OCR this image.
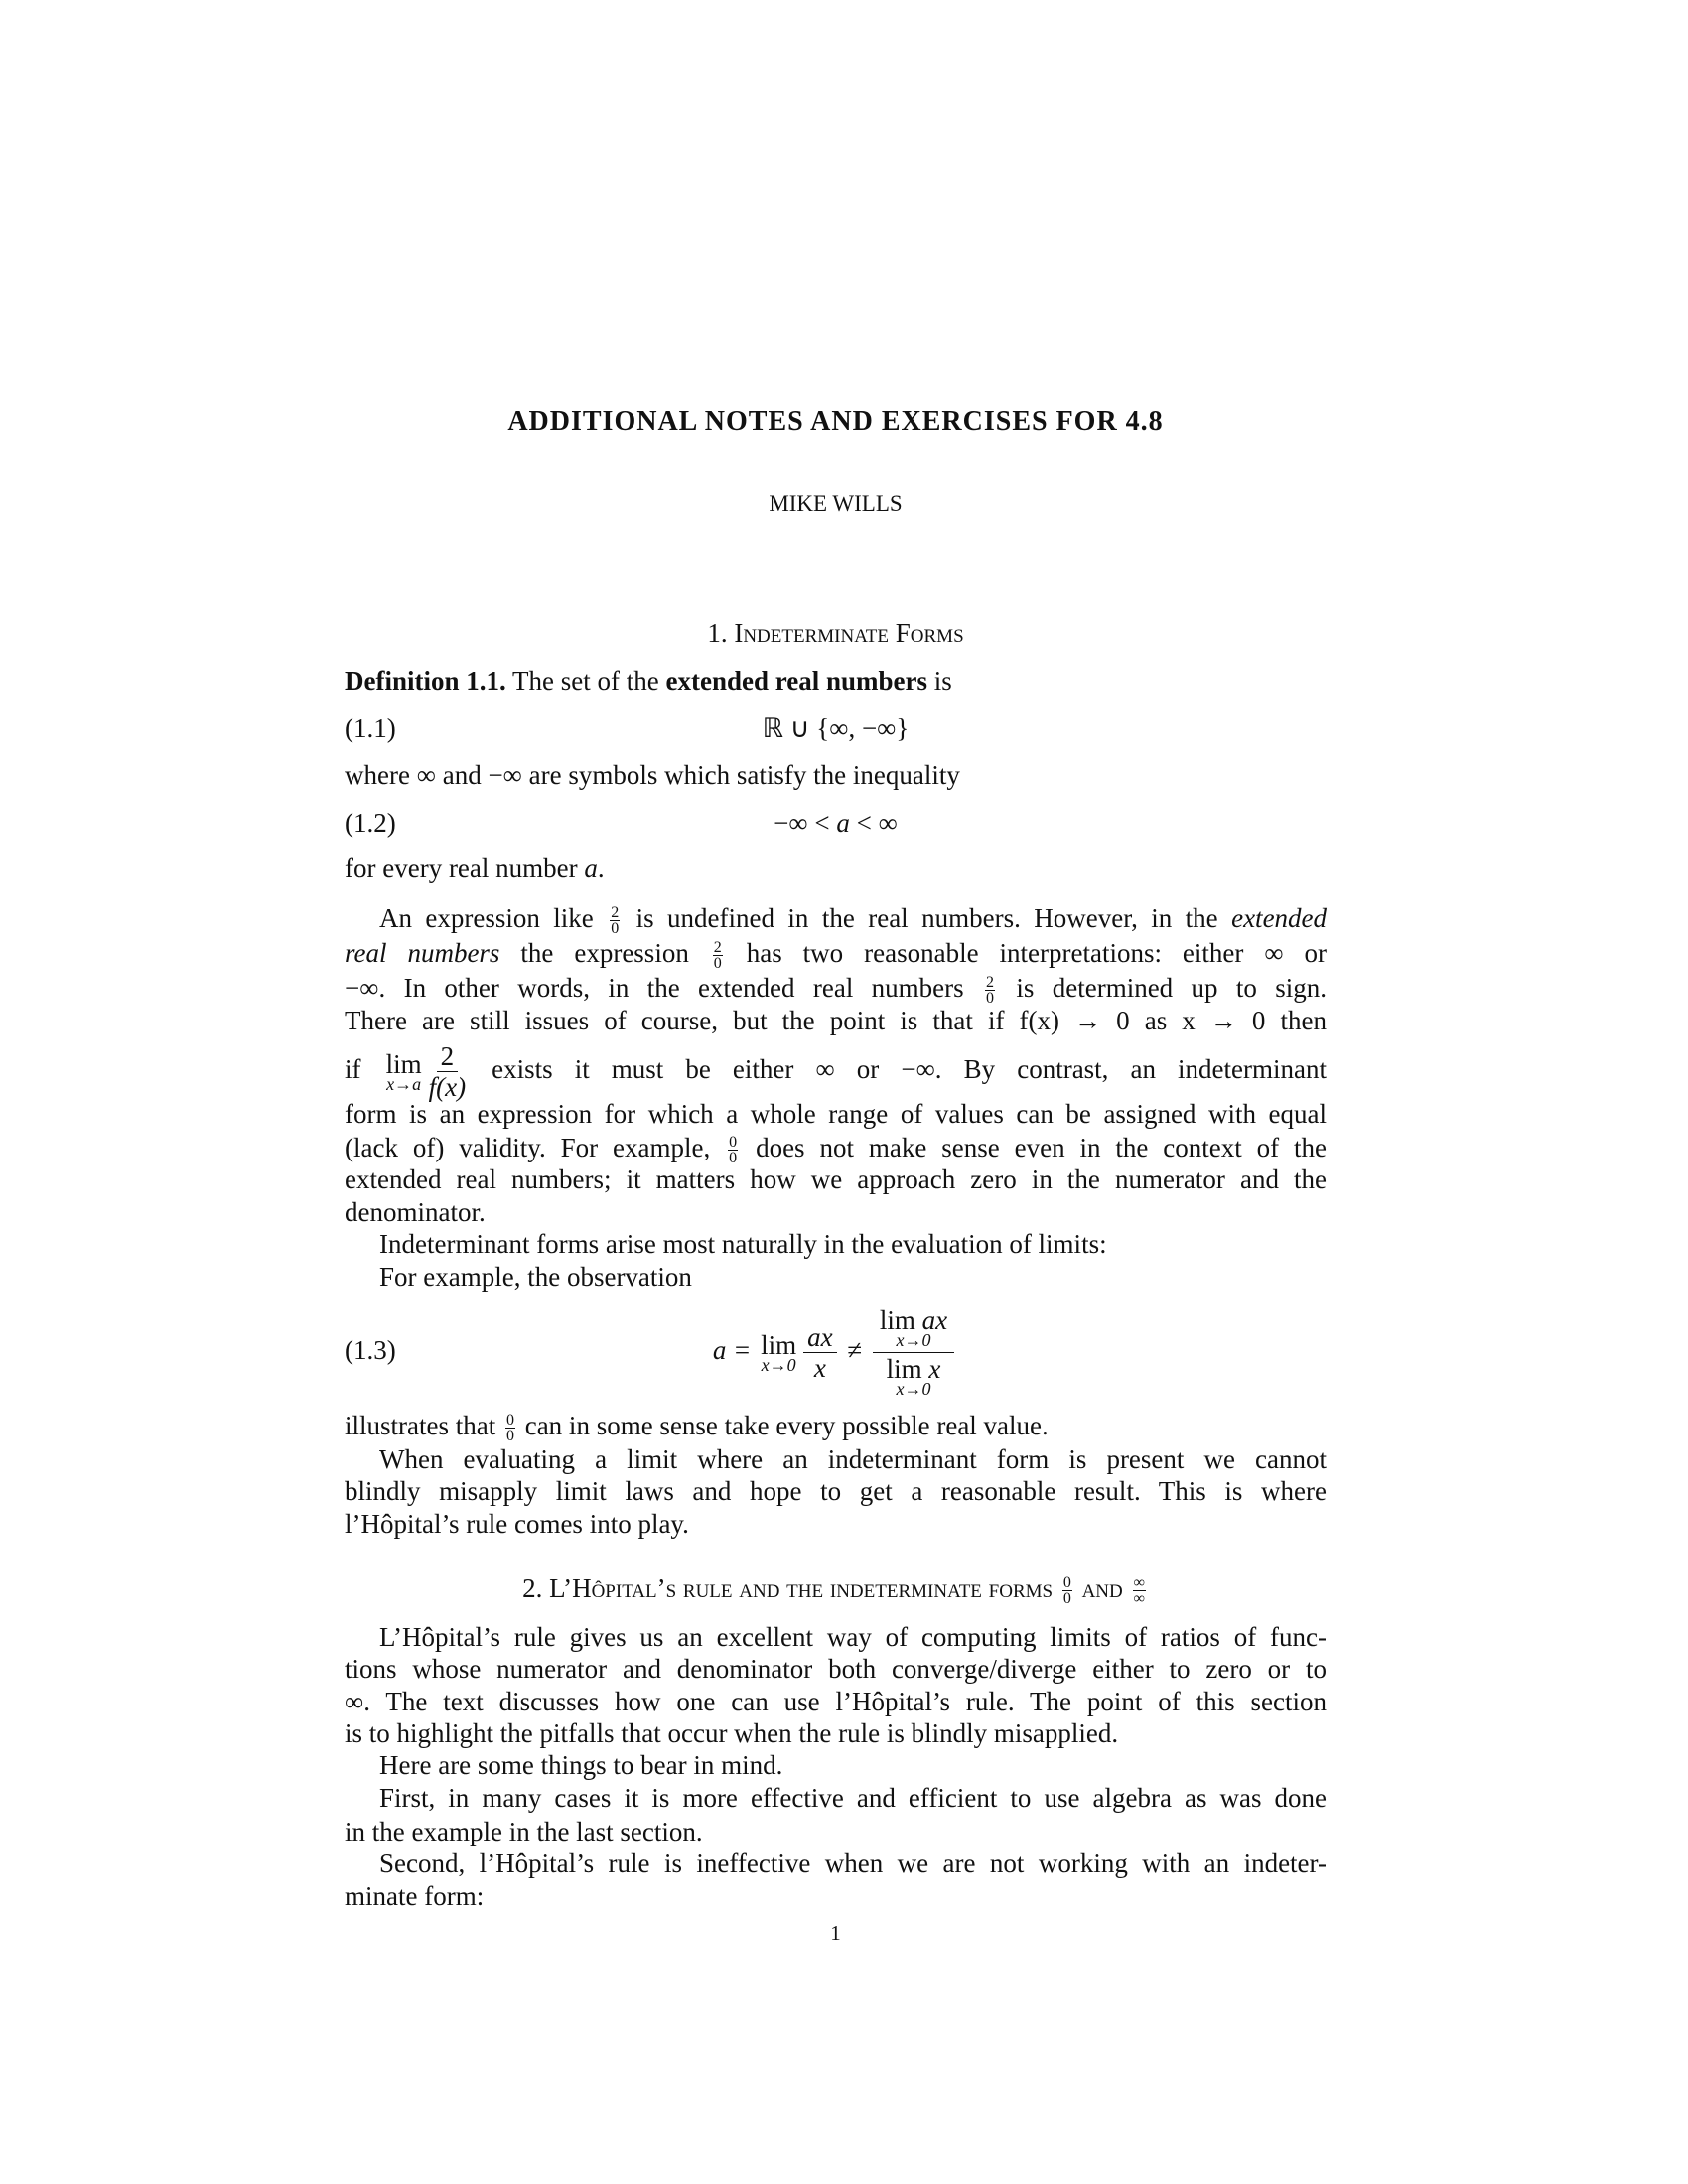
ADDITIONAL NOTES AND EXERCISES FOR 4.8
MIKE WILLS
1. Indeterminate Forms
Definition 1.1. The set of the extended real numbers is
(1.1)	ℝ ∪ {∞, −∞}
where ∞ and −∞ are symbols which satisfy the inequality
(1.2)	−∞ < a < ∞
for every real number a.
An expression like $\frac{2}{0}$ is undefined in the real numbers. However, in the extended
real numbers the expression $\frac{2}{0}$ has two reasonable interpretations: either ∞ or
−∞. In other words, in the extended real numbers $\frac{2}{0}$ is determined up to sign.
There are still issues of course, but the point is that if f(x) → 0 as x → 0 then
if lim
$x\to a \frac{2}{f(x)}$ exists it must be either ∞ or −∞. By contrast, an indeterminant
form is an expression for which a whole range of values can be assigned with equal
(lack of) validity. For example, $\frac{0}{0}$ does not make sense even in the context of the
extended real numbers; it matters how we approach zero in the numerator and the
denominator.
Indeterminant forms arise most naturally in the evaluation of limits:
For example, the observation
(1.3)	a = lim
$x\to 0 \frac{ax}{x}$ ≠
lim ax
x→0
lim x
x→0
illustrates that $\frac{0}{0}$ can in some sense take every possible real value.
When evaluating a limit where an indeterminant form is present we cannot
blindly misapply limit laws and hope to get a reasonable result. This is where
l’Hôpital’s rule comes into play.
2. L’Hôpital’s rule and the indeterminate forms $\frac{0}{0}$ and $\frac{\infty}{\infty}$
L’Hôpital’s rule gives us an excellent way of computing limits of ratios of func-
tions whose numerator and denominator both converge/diverge either to zero or to
∞. The text discusses how one can use l’Hôpital’s rule. The point of this section
is to highlight the pitfalls that occur when the rule is blindly misapplied.
Here are some things to bear in mind.
First, in many cases it is more effective and efficient to use algebra as was done
in the example in the last section.
Second, l’Hôpital’s rule is ineffective when we are not working with an indeter-
minate form:
1
